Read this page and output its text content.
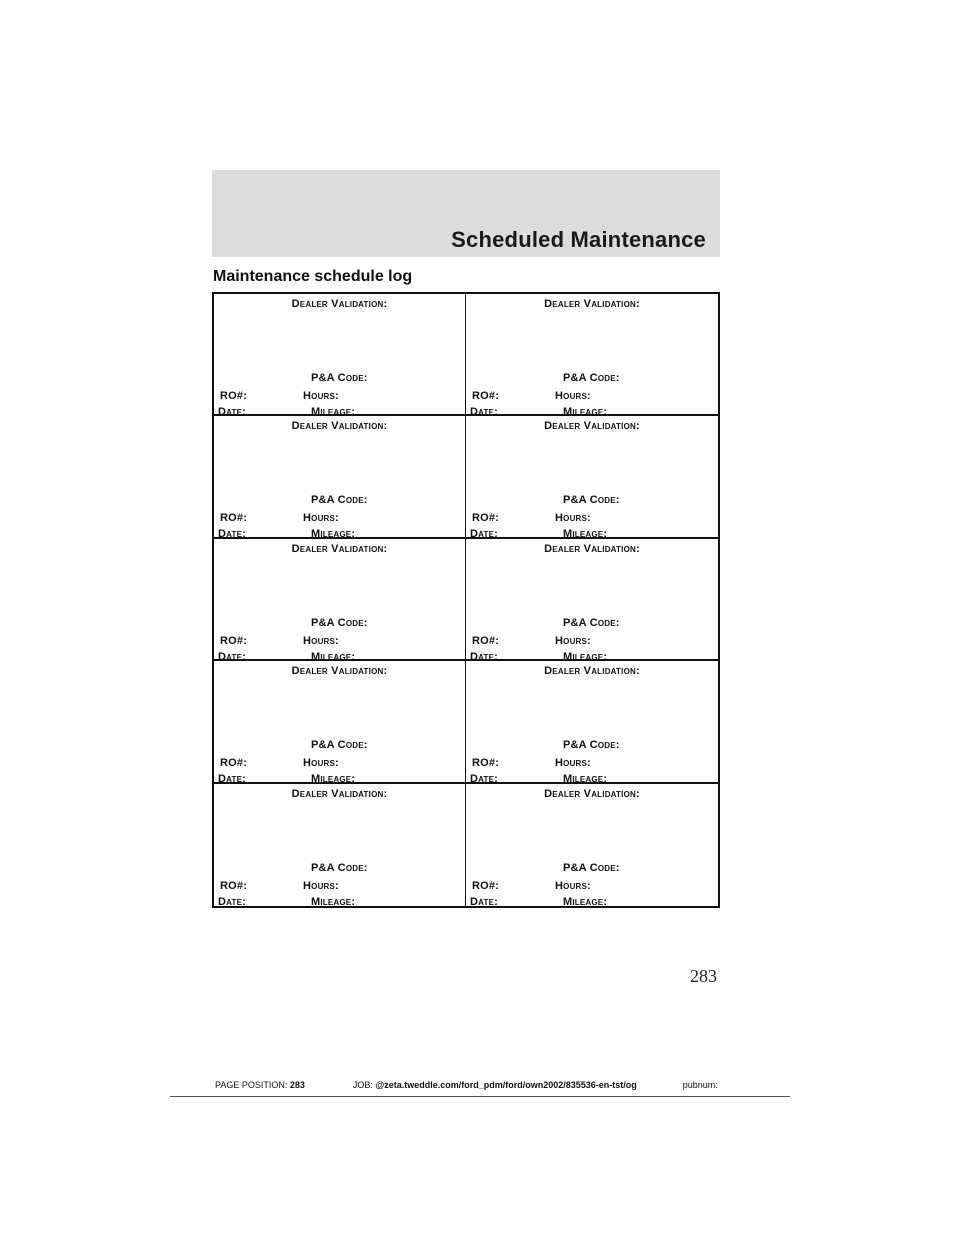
Scheduled Maintenance
Maintenance schedule log
Dealer Validation:
P&A Code:
RO#:	Hours:
Date:	Mileage:
Dealer Validation:
P&A Code:
RO#:	Hours:
Date:	Mileage:
Dealer Validation:
P&A Code:
RO#:	Hours:
Date:	Mileage:
Dealer Validation:
P&A Code:
RO#:	Hours:
Date:	Mileage:
Dealer Validation:
P&A Code:
RO#:	Hours:
Date:	Mileage:
Dealer Validation:
P&A Code:
RO#:	Hours:
Date:	Mileage:
Dealer Validation:
P&A Code:
RO#:	Hours:
Date:	Mileage:
Dealer Validation:
P&A Code:
RO#:	Hours:
Date:	Mileage:
Dealer Validation:
P&A Code:
RO#:	Hours:
Date:	Mileage:
Dealer Validation:
P&A Code:
RO#:	Hours:
Date:	Mileage:
283
PAGE POSITION: 283	JOB: @zeta.tweddle.com/ford_pdm/ford/own2002/835536-en-tst/og	pubnum:
